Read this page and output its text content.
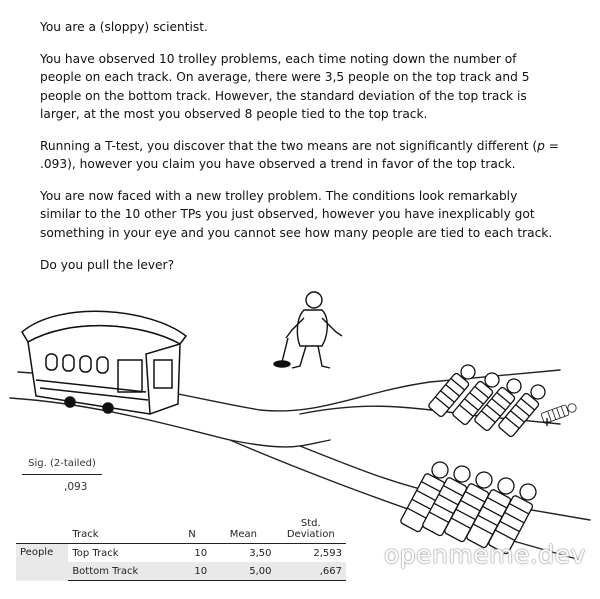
You are a (sloppy) scientist.

You have observed 10 trolley problems, each time noting down the number of people on each track. On average, there were 3,5 people on the top track and 5 people on the bottom track. However, the standard deviation of the top track is larger, at the most you observed 8 people tied to the top track.

Running a T-test, you discover that the two means are not significantly different (p = .093), however you claim you have observed a trend in favor of the top track.

You are now faced with a new trolley problem. The conditions look remarkably similar to the 10 other TPs you just observed, however you have inexplicably got something in your eye and you cannot see how many people are tied to each track.

Do you pull the lever?

+
Sig. (2-tailed)
,093
	Track	N	Mean	Std. Deviation
People	Top Track	10	3,50	2,593
	Bottom Track	10	5,00	,667
openmeme.dev
